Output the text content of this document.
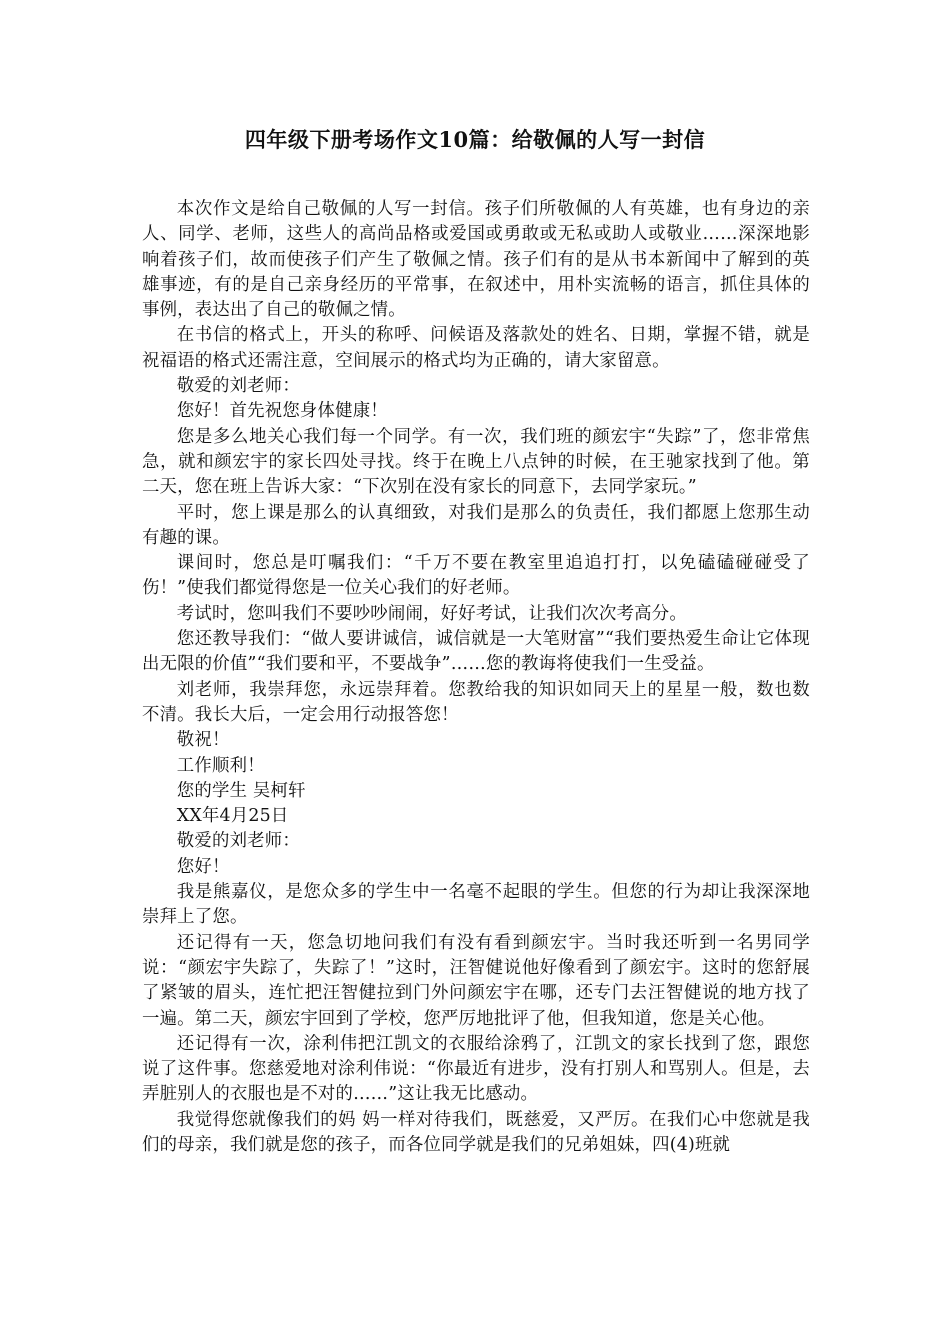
四年级下册考场作文10篇：给敬佩的人写一封信

本次作文是给自己敬佩的人写一封信。孩子们所敬佩的人有英雄，也有身边的亲人、同学、老师，这些人的高尚品格或爱国或勇敢或无私或助人或敬业……深深地影响着孩子们，故而使孩子们产生了敬佩之情。孩子们有的是从书本新闻中了解到的英雄事迹，有的是自己亲身经历的平常事，在叙述中，用朴实流畅的语言，抓住具体的事例，表达出了自己的敬佩之情。

在书信的格式上，开头的称呼、问候语及落款处的姓名、日期，掌握不错，就是祝福语的格式还需注意，空间展示的格式均为正确的，请大家留意。

敬爱的刘老师：

您好！首先祝您身体健康！

您是多么地关心我们每一个同学。有一次，我们班的颜宏宇“失踪”了，您非常焦急，就和颜宏宇的家长四处寻找。终于在晚上八点钟的时候，在王驰家找到了他。第二天，您在班上告诉大家：“下次别在没有家长的同意下，去同学家玩。”

平时，您上课是那么的认真细致，对我们是那么的负责任，我们都愿上您那生动有趣的课。

课间时，您总是叮嘱我们：“千万不要在教室里追追打打，以免磕磕碰碰受了伤！”使我们都觉得您是一位关心我们的好老师。

考试时，您叫我们不要吵吵闹闹，好好考试，让我们次次考高分。

您还教导我们：“做人要讲诚信，诚信就是一大笔财富”“我们要热爱生命让它体现出无限的价值”“我们要和平，不要战争”……您的教诲将使我们一生受益。

刘老师，我崇拜您，永远崇拜着。您教给我的知识如同天上的星星一般，数也数不清。我长大后，一定会用行动报答您！

敬祝！

工作顺利！

您的学生 吴柯轩

XX年4月25日

敬爱的刘老师：

您好！

我是熊嘉仪，是您众多的学生中一名毫不起眼的学生。但您的行为却让我深深地崇拜上了您。

还记得有一天，您急切地问我们有没有看到颜宏宇。当时我还听到一名男同学说：“颜宏宇失踪了，失踪了！”这时，汪智健说他好像看到了颜宏宇。这时的您舒展了紧皱的眉头，连忙把汪智健拉到门外问颜宏宇在哪，还专门去汪智健说的地方找了一遍。第二天，颜宏宇回到了学校，您严厉地批评了他，但我知道，您是关心他。

还记得有一次，涂利伟把江凯文的衣服给涂鸦了，江凯文的家长找到了您，跟您说了这件事。您慈爱地对涂利伟说：“你最近有进步，没有打别人和骂别人。但是，去弄脏别人的衣服也是不对的……”这让我无比感动。

我觉得您就像我们的妈 妈一样对待我们，既慈爱，又严厉。在我们心中您就是我们的母亲，我们就是您的孩子，而各位同学就是我们的兄弟姐妹，四(4)班就
